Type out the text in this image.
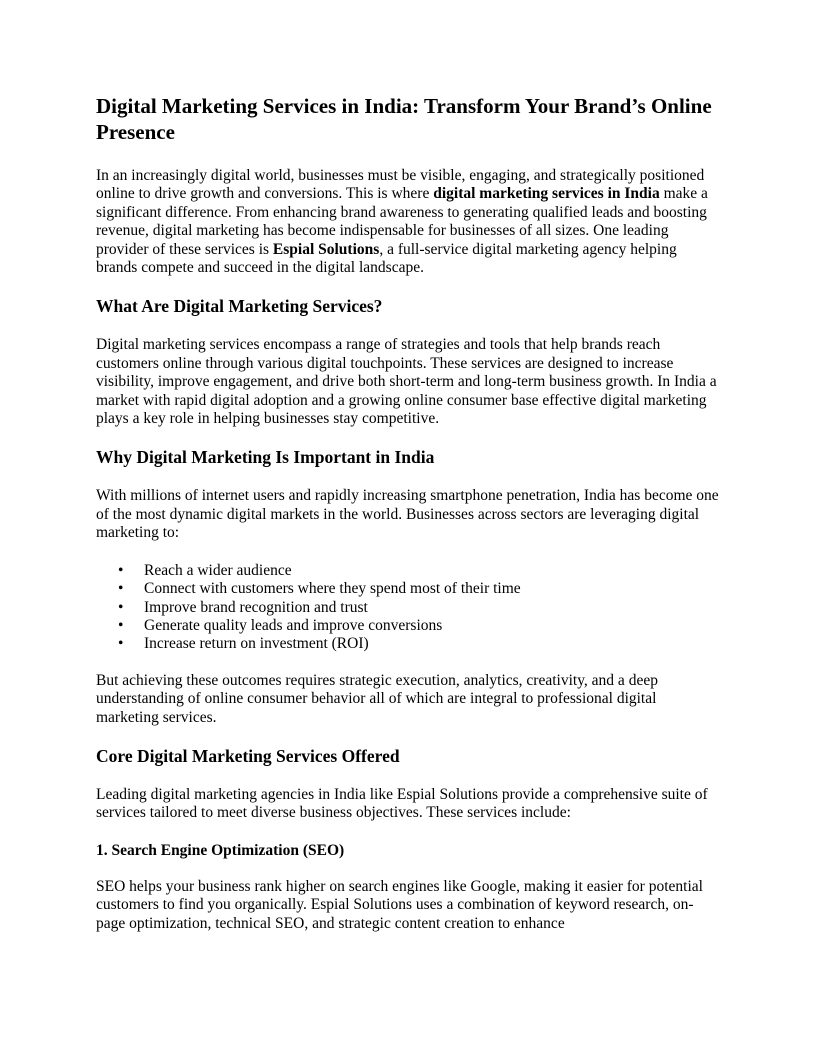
Digital Marketing Services in India: Transform Your Brand’s Online Presence

In an increasingly digital world, businesses must be visible, engaging, and strategically positioned online to drive growth and conversions. This is where digital marketing services in India make a significant difference. From enhancing brand awareness to generating qualified leads and boosting revenue, digital marketing has become indispensable for businesses of all sizes. One leading provider of these services is Espial Solutions, a full-service digital marketing agency helping brands compete and succeed in the digital landscape.

What Are Digital Marketing Services?

Digital marketing services encompass a range of strategies and tools that help brands reach customers online through various digital touchpoints. These services are designed to increase visibility, improve engagement, and drive both short-term and long-term business growth. In India a market with rapid digital adoption and a growing online consumer base effective digital marketing plays a key role in helping businesses stay competitive.

Why Digital Marketing Is Important in India

With millions of internet users and rapidly increasing smartphone penetration, India has become one of the most dynamic digital markets in the world. Businesses across sectors are leveraging digital marketing to:

• Reach a wider audience
• Connect with customers where they spend most of their time
• Improve brand recognition and trust
• Generate quality leads and improve conversions
• Increase return on investment (ROI)

But achieving these outcomes requires strategic execution, analytics, creativity, and a deep understanding of online consumer behavior all of which are integral to professional digital marketing services.

Core Digital Marketing Services Offered

Leading digital marketing agencies in India like Espial Solutions provide a comprehensive suite of services tailored to meet diverse business objectives. These services include:

1. Search Engine Optimization (SEO)

SEO helps your business rank higher on search engines like Google, making it easier for potential customers to find you organically. Espial Solutions uses a combination of keyword research, on-page optimization, technical SEO, and strategic content creation to enhance
